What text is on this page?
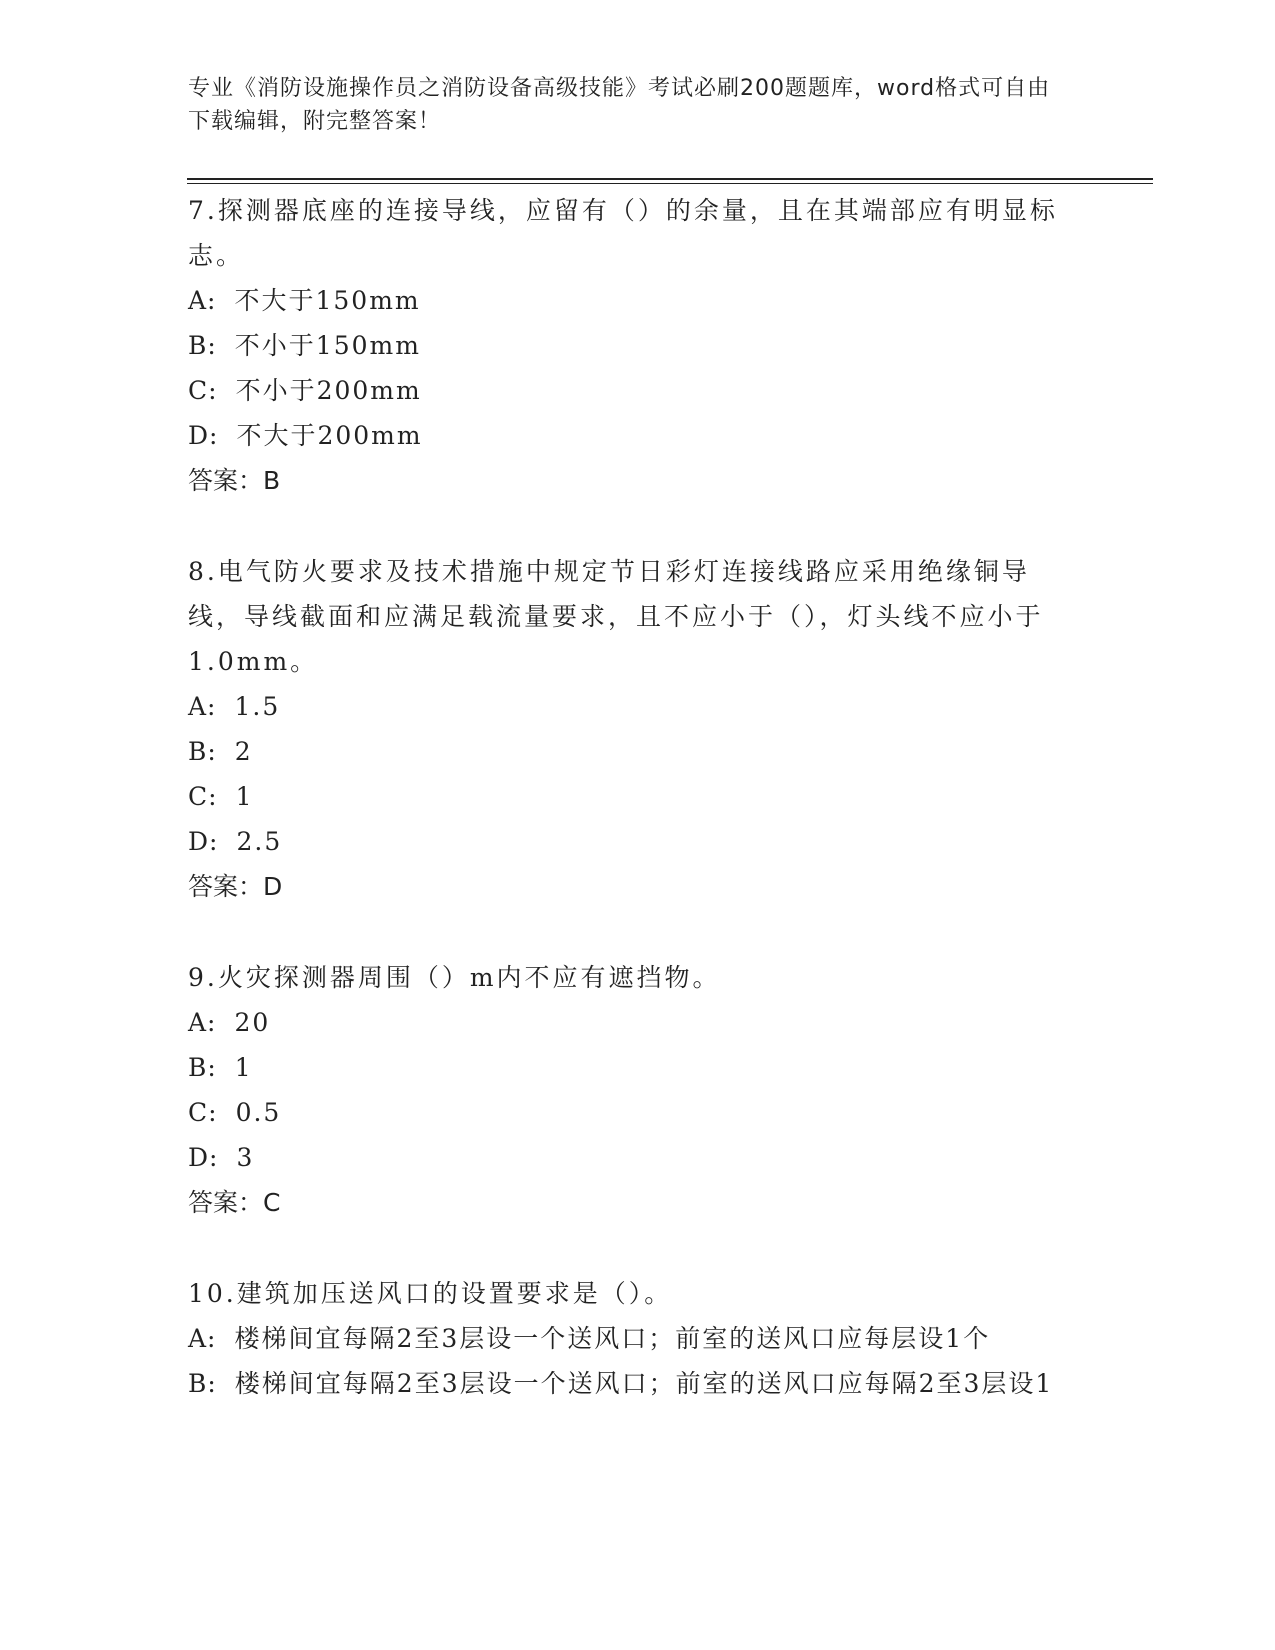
专业《消防设施操作员之消防设备高级技能》考试必刷200题题库，word格式可自由下载编辑，附完整答案！

7.探测器底座的连接导线，应留有（）的余量，且在其端部应有明显标志。

A: 不大于150mm

B: 不小于150mm

C: 不小于200mm

D: 不大于200mm

答案：B

8.电气防火要求及技术措施中规定节日彩灯连接线路应采用绝缘铜导线，导线截面和应满足载流量要求，且不应小于（），灯头线不应小于1.0mm。

A: 1.5

B: 2

C: 1

D: 2.5

答案：D

9.火灾探测器周围（）m内不应有遮挡物。

A: 20

B: 1

C: 0.5

D: 3

答案：C

10.建筑加压送风口的设置要求是（）。

A: 楼梯间宜每隔2至3层设一个送风口；前室的送风口应每层设1个

B: 楼梯间宜每隔2至3层设一个送风口；前室的送风口应每隔2至3层设1
